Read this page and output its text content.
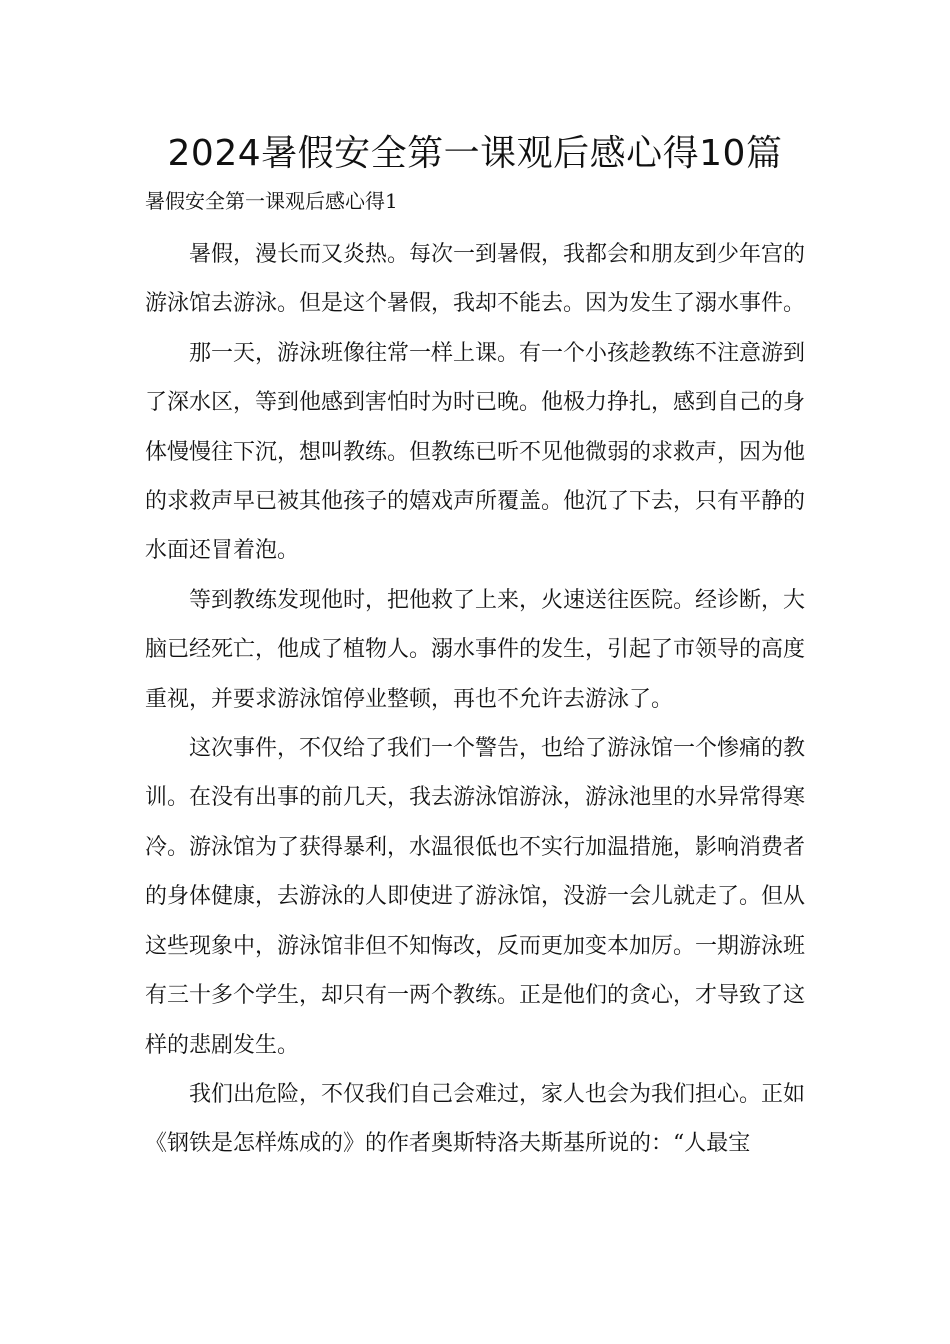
2024暑假安全第一课观后感心得10篇

暑假安全第一课观后感心得1

暑假，漫长而又炎热。每次一到暑假，我都会和朋友到少年宫的游泳馆去游泳。但是这个暑假，我却不能去。因为发生了溺水事件。

那一天，游泳班像往常一样上课。有一个小孩趁教练不注意游到了深水区，等到他感到害怕时为时已晚。他极力挣扎，感到自己的身体慢慢往下沉，想叫教练。但教练已听不见他微弱的求救声，因为他的求救声早已被其他孩子的嬉戏声所覆盖。他沉了下去，只有平静的水面还冒着泡。

等到教练发现他时，把他救了上来，火速送往医院。经诊断，大脑已经死亡，他成了植物人。溺水事件的发生，引起了市领导的高度重视，并要求游泳馆停业整顿，再也不允许去游泳了。

这次事件，不仅给了我们一个警告，也给了游泳馆一个惨痛的教训。在没有出事的前几天，我去游泳馆游泳，游泳池里的水异常得寒冷。游泳馆为了获得暴利，水温很低也不实行加温措施，影响消费者的身体健康，去游泳的人即使进了游泳馆，没游一会儿就走了。但从这些现象中，游泳馆非但不知悔改，反而更加变本加厉。一期游泳班有三十多个学生，却只有一两个教练。正是他们的贪心，才导致了这样的悲剧发生。

我们出危险，不仅我们自己会难过，家人也会为我们担心。正如《钢铁是怎样炼成的》的作者奥斯特洛夫斯基所说的：“人最宝
